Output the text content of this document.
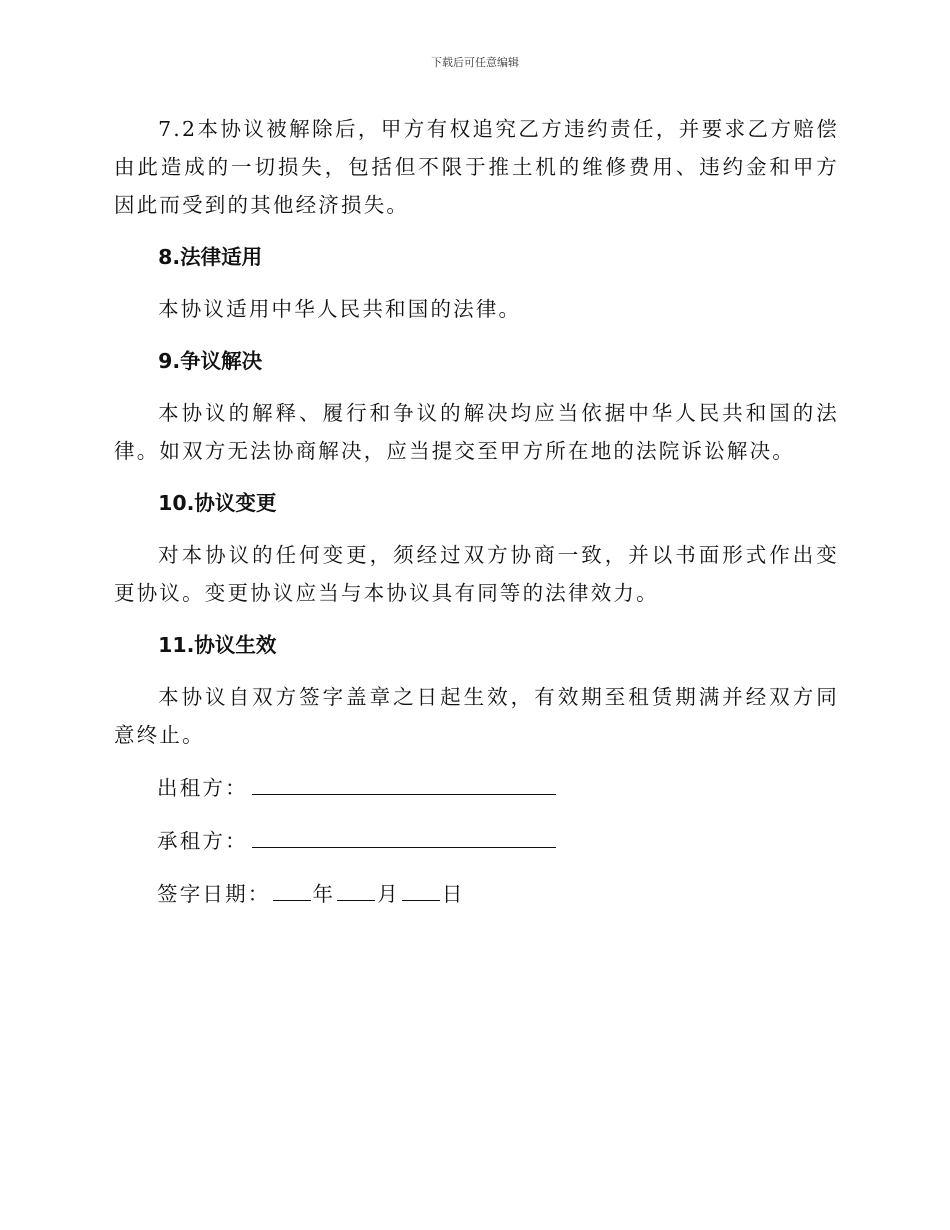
下载后可任意编辑

7.2本协议被解除后，甲方有权追究乙方违约责任，并要求乙方赔偿由此造成的一切损失，包括但不限于推土机的维修费用、违约金和甲方因此而受到的其他经济损失。

8.法律适用

本协议适用中华人民共和国的法律。

9.争议解决

本协议的解释、履行和争议的解决均应当依据中华人民共和国的法律。如双方无法协商解决，应当提交至甲方所在地的法院诉讼解决。

10.协议变更

对本协议的任何变更，须经过双方协商一致，并以书面形式作出变更协议。变更协议应当与本协议具有同等的法律效力。

11.协议生效

本协议自双方签字盖章之日起生效，有效期至租赁期满并经双方同意终止。

出租方：
承租方：
签字日期： 年 月 日
